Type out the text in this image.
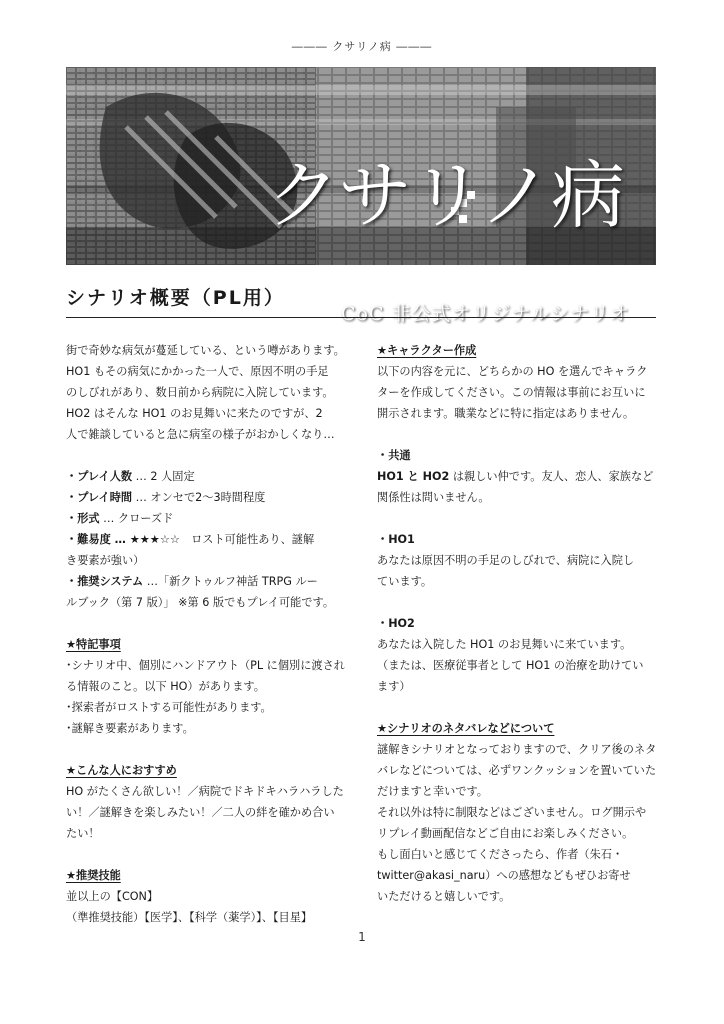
――― クサリノ病 ―――
クサリノ病
CoC 非公式オリジナルシナリオ
シナリオ概要（PL用）

街で奇妙な病気が蔓延している、という噂があります。

HO1 もその病気にかかった一人で、原因不明の手足

のしびれがあり、数日前から病院に入院しています。

HO2 はそんな HO1 のお見舞いに来たのですが、2

人で雑談していると急に病室の様子がおかしくなり…

・プレイ人数 … 2 人固定

・プレイ時間 … オンセで2～3時間程度

・形式 … クローズド

・難易度 … ★★★☆☆　ロスト可能性あり、謎解

き要素が強い）

・推奨システム …「新クトゥルフ神話 TRPG ルー

ルブック（第 7 版）」 ※第 6 版でもプレイ可能です。

★特記事項

･シナリオ中、個別にハンドアウト（PL に個別に渡され

る情報のこと。以下 HO）があります。

･探索者がロストする可能性があります。

･謎解き要素があります。

★こんな人におすすめ

HO がたくさん欲しい！／病院でドキドキハラハラした

い！／謎解きを楽しみたい！／二人の絆を確かめ合い

たい！

★推奨技能

並以上の【CON】

（準推奨技能）【医学】、【科学（薬学）】、【目星】

★キャラクター作成

以下の内容を元に、どちらかの HO を選んでキャラク

ターを作成してください。この情報は事前にお互いに

開示されます。職業などに特に指定はありません。

・共通

HO1 と HO2 は親しい仲です。友人、恋人、家族など

関係性は問いません。

・HO1

あなたは原因不明の手足のしびれで、病院に入院し

ています。

・HO2

あなたは入院した HO1 のお見舞いに来ています。

（または、医療従事者として HO1 の治療を助けてい

ます）

★シナリオのネタバレなどについて

謎解きシナリオとなっておりますので、クリア後のネタ

バレなどについては、必ずワンクッションを置いていた

だけますと幸いです。

それ以外は特に制限などはございません。ログ開示や

リプレイ動画配信などご自由にお楽しみください。

もし面白いと感じてくださったら、作者（朱石・

twitter@akasi_naru）への感想などもぜひお寄せ

いただけると嬉しいです。

1
